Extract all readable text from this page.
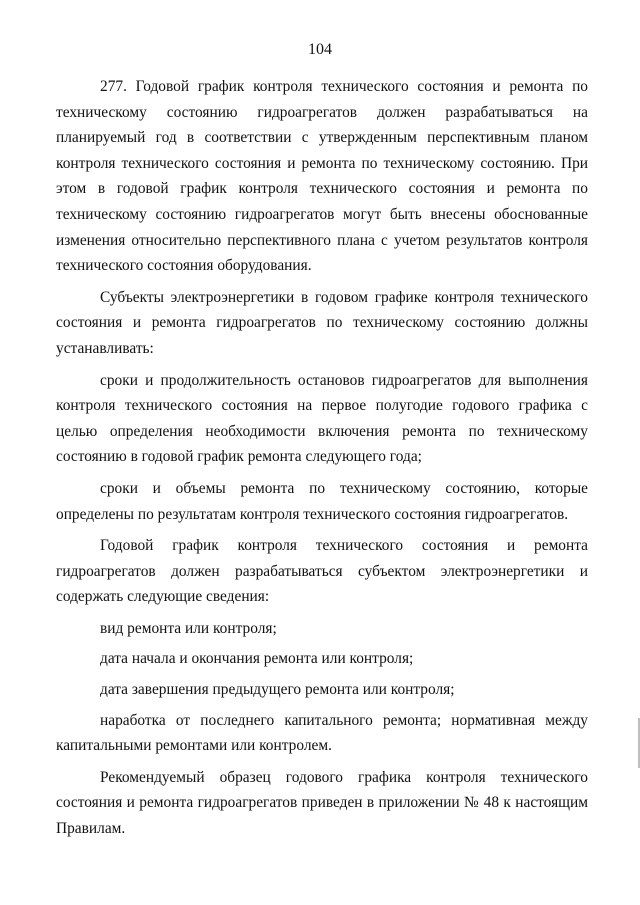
104

277. Годовой график контроля технического состояния и ремонта по техническому состоянию гидроагрегатов должен разрабатываться на планируемый год в соответствии с утвержденным перспективным планом контроля технического состояния и ремонта по техническому состоянию. При этом в годовой график контроля технического состояния и ремонта по техническому состоянию гидроагрегатов могут быть внесены обоснованные изменения относительно перспективного плана с учетом результатов контроля технического состояния оборудования.

Субъекты электроэнергетики в годовом графике контроля технического состояния и ремонта гидроагрегатов по техническому состоянию должны устанавливать:

сроки и продолжительность остановов гидроагрегатов для выполнения контроля технического состояния на первое полугодие годового графика с целью определения необходимости включения ремонта по техническому состоянию в годовой график ремонта следующего года;

сроки и объемы ремонта по техническому состоянию, которые определены по результатам контроля технического состояния гидроагрегатов.

Годовой график контроля технического состояния и ремонта гидроагрегатов должен разрабатываться субъектом электроэнергетики и содержать следующие сведения:

вид ремонта или контроля;

дата начала и окончания ремонта или контроля;

дата завершения предыдущего ремонта или контроля;

наработка от последнего капитального ремонта; нормативная между капитальными ремонтами или контролем.

Рекомендуемый образец годового графика контроля технического состояния и ремонта гидроагрегатов приведен в приложении № 48 к настоящим Правилам.
